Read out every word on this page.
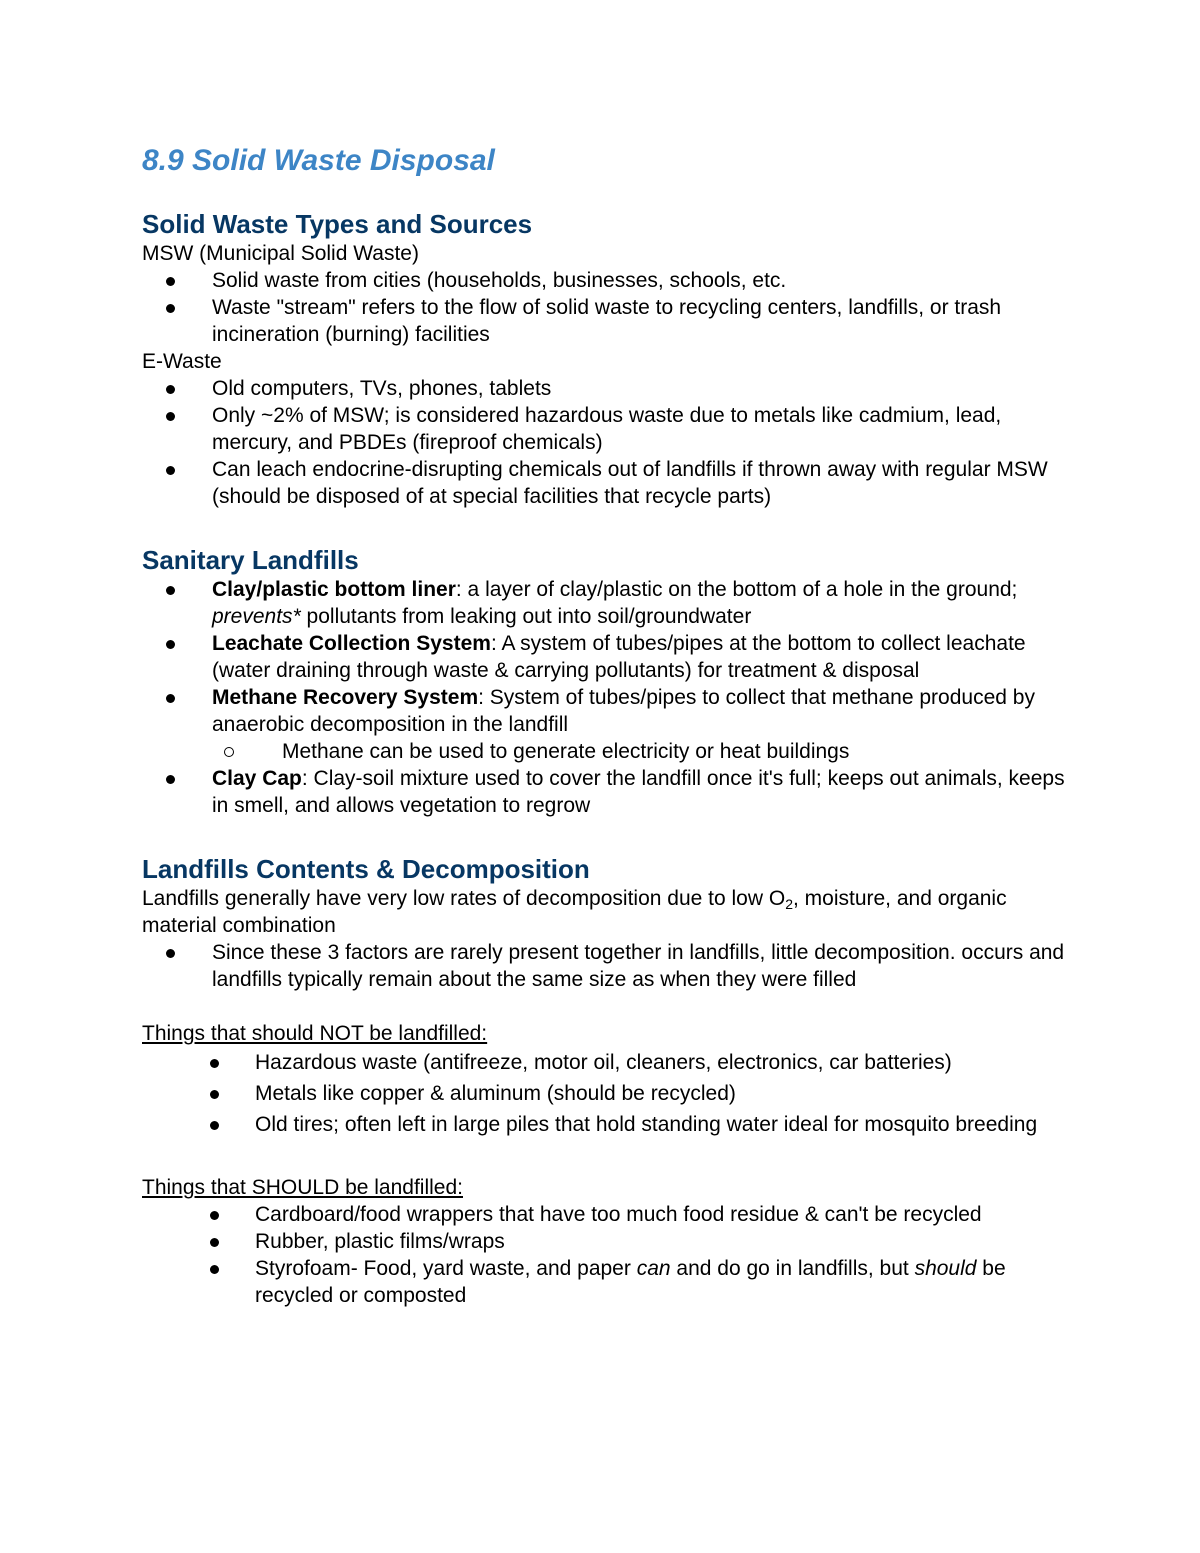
8.9 Solid Waste Disposal
Solid Waste Types and Sources

MSW (Municipal Solid Waste)

Solid waste from cities (households, businesses, schools, etc.
Waste "stream" refers to the flow of solid waste to recycling centers, landfills, or trash incineration (burning) facilities

E-Waste

Old computers, TVs, phones, tablets
Only ~2% of MSW; is considered hazardous waste due to metals like cadmium, lead, mercury, and PBDEs (fireproof chemicals)
Can leach endocrine-disrupting chemicals out of landfills if thrown away with regular MSW (should be disposed of at special facilities that recycle parts)
Sanitary Landfills
Clay/plastic bottom liner: a layer of clay/plastic on the bottom of a hole in the ground; prevents* pollutants from leaking out into soil/groundwater
Leachate Collection System: A system of tubes/pipes at the bottom to collect leachate (water draining through waste & carrying pollutants) for treatment & disposal
Methane Recovery System: System of tubes/pipes to collect that methane produced by anaerobic decomposition in the landfill
Methane can be used to generate electricity or heat buildings
Clay Cap: Clay-soil mixture used to cover the landfill once it's full; keeps out animals, keeps in smell, and allows vegetation to regrow
Landfills Contents & Decomposition

Landfills generally have very low rates of decomposition due to low $O_2$, moisture, and organic material combination

Since these 3 factors are rarely present together in landfills, little decomposition. occurs and landfills typically remain about the same size as when they were filled

Things that should NOT be landfilled:

Hazardous waste (antifreeze, motor oil, cleaners, electronics, car batteries)
Metals like copper & aluminum (should be recycled)
Old tires; often left in large piles that hold standing water ideal for mosquito breeding

Things that SHOULD be landfilled:

Cardboard/food wrappers that have too much food residue & can't be recycled
Rubber, plastic films/wraps
Styrofoam- Food, yard waste, and paper can and do go in landfills, but should be recycled or composted
